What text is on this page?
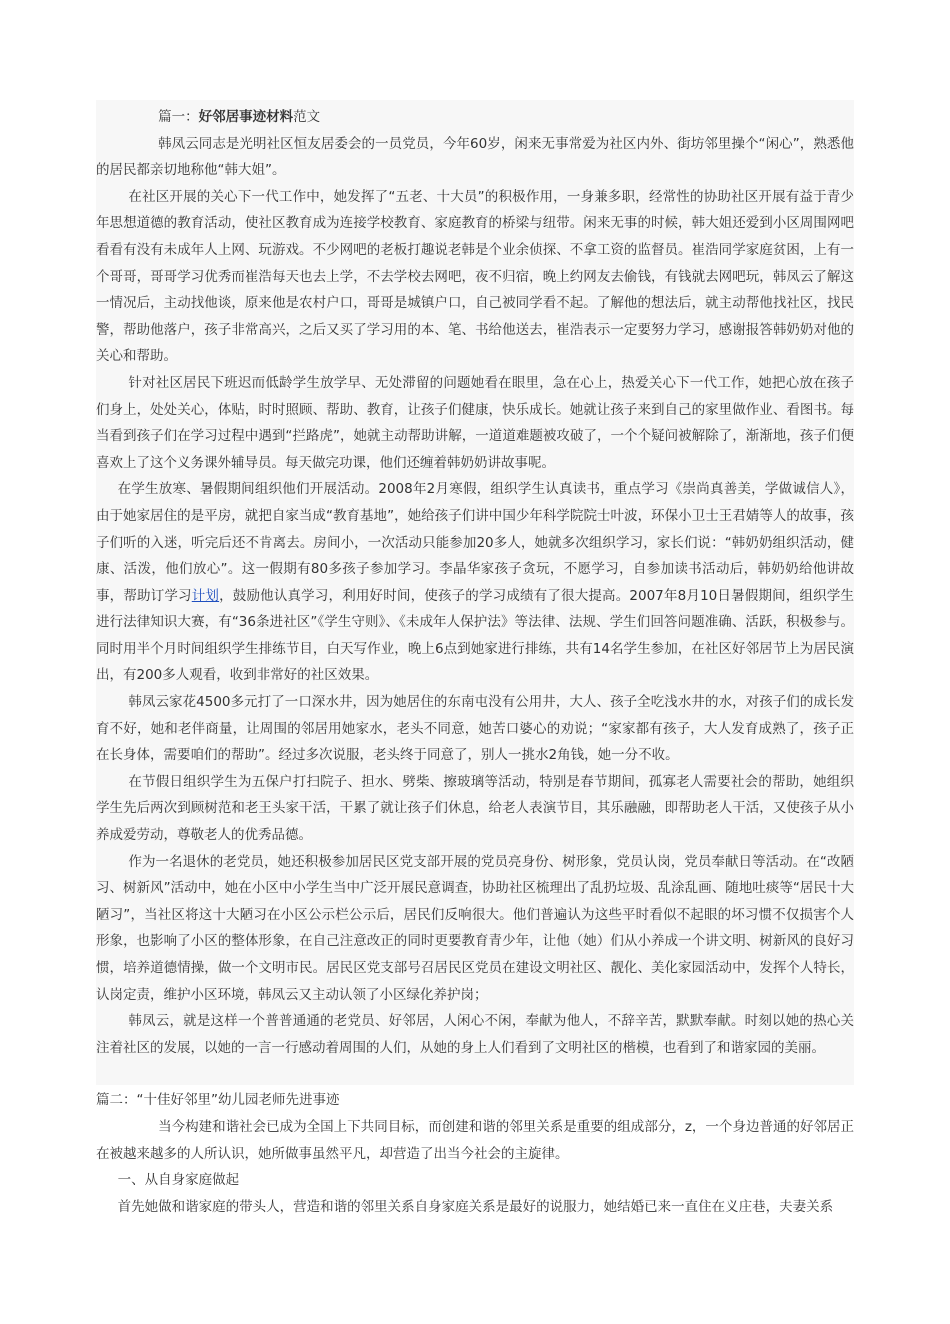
篇一：好邻居事迹材料范文

韩凤云同志是光明社区恒友居委会的一员党员，今年60岁，闲来无事常爱为社区内外、街坊邻里操个“闲心”，熟悉他的居民都亲切地称他“韩大姐”。

在社区开展的关心下一代工作中，她发挥了“五老、十大员”的积极作用，一身兼多职，经常性的协助社区开展有益于青少年思想道德的教育活动，使社区教育成为连接学校教育、家庭教育的桥梁与纽带。闲来无事的时候，韩大姐还爱到小区周围网吧看看有没有未成年人上网、玩游戏。不少网吧的老板打趣说老韩是个业余侦探、不拿工资的监督员。崔浩同学家庭贫困，上有一个哥哥，哥哥学习优秀而崔浩每天也去上学，不去学校去网吧，夜不归宿，晚上约网友去偷钱，有钱就去网吧玩，韩凤云了解这一情况后，主动找他谈，原来他是农村户口，哥哥是城镇户口，自己被同学看不起。了解他的想法后，就主动帮他找社区，找民警，帮助他落户，孩子非常高兴，之后又买了学习用的本、笔、书给他送去，崔浩表示一定要努力学习，感谢报答韩奶奶对他的关心和帮助。

针对社区居民下班迟而低龄学生放学早、无处滞留的问题她看在眼里，急在心上，热爱关心下一代工作，她把心放在孩子们身上，处处关心，体贴，时时照顾、帮助、教育，让孩子们健康，快乐成长。她就让孩子来到自己的家里做作业、看图书。每当看到孩子们在学习过程中遇到“拦路虎”，她就主动帮助讲解，一道道难题被攻破了，一个个疑问被解除了，渐渐地，孩子们便喜欢上了这个义务课外辅导员。每天做完功课，他们还缠着韩奶奶讲故事呢。

在学生放寒、暑假期间组织他们开展活动。2008年2月寒假，组织学生认真读书，重点学习《崇尚真善美，学做诚信人》，由于她家居住的是平房，就把自家当成“教育基地”，她给孩子们讲中国少年科学院院士叶波，环保小卫士王君婧等人的故事，孩子们听的入迷，听完后还不肯离去。房间小，一次活动只能参加20多人，她就多次组织学习，家长们说：“韩奶奶组织活动，健康、活泼，他们放心”。这一假期有80多孩子参加学习。李晶华家孩子贪玩，不愿学习，自参加读书活动后，韩奶奶给他讲故事，帮助订学习计划，鼓励他认真学习，利用好时间，使孩子的学习成绩有了很大提高。2007年8月10日暑假期间，组织学生进行法律知识大赛，有“36条进社区”《学生守则》、《未成年人保护法》等法律、法规、学生们回答问题准确、活跃，积极参与。同时用半个月时间组织学生排练节目，白天写作业，晚上6点到她家进行排练，共有14名学生参加，在社区好邻居节上为居民演出，有200多人观看，收到非常好的社区效果。

韩凤云家花4500多元打了一口深水井，因为她居住的东南屯没有公用井，大人、孩子全吃浅水井的水，对孩子们的成长发育不好，她和老伴商量，让周围的邻居用她家水，老头不同意，她苦口婆心的劝说；“家家都有孩子，大人发育成熟了，孩子正在长身体，需要咱们的帮助”。经过多次说服，老头终于同意了，别人一挑水2角钱，她一分不收。

在节假日组织学生为五保户打扫院子、担水、劈柴、擦玻璃等活动，特别是春节期间，孤寡老人需要社会的帮助，她组织学生先后两次到顾树范和老王头家干活，干累了就让孩子们休息，给老人表演节目，其乐融融，即帮助老人干活，又使孩子从小养成爱劳动，尊敬老人的优秀品德。

作为一名退休的老党员，她还积极参加居民区党支部开展的党员亮身份、树形象，党员认岗，党员奉献日等活动。在“改陋习、树新风”活动中，她在小区中小学生当中广泛开展民意调查，协助社区梳理出了乱扔垃圾、乱涂乱画、随地吐痰等“居民十大陋习”，当社区将这十大陋习在小区公示栏公示后，居民们反响很大。他们普遍认为这些平时看似不起眼的坏习惯不仅损害个人形象，也影响了小区的整体形象，在自己注意改正的同时更要教育青少年，让他（她）们从小养成一个讲文明、树新风的良好习惯，培养道德情操，做一个文明市民。居民区党支部号召居民区党员在建设文明社区、靓化、美化家园活动中，发挥个人特长，认岗定责，维护小区环境，韩凤云又主动认领了小区绿化养护岗；

韩凤云，就是这样一个普普通通的老党员、好邻居，人闲心不闲，奉献为他人，不辞辛苦，默默奉献。时刻以她的热心关注着社区的发展，以她的一言一行感动着周围的人们，从她的身上人们看到了文明社区的楷模，也看到了和谐家园的美丽。

篇二：“十佳好邻里”幼儿园老师先进事迹

当今构建和谐社会已成为全国上下共同目标，而创建和谐的邻里关系是重要的组成部分，z，一个身边普通的好邻居正在被越来越多的人所认识，她所做事虽然平凡，却营造了出当今社会的主旋律。

一、从自身家庭做起

首先她做和谐家庭的带头人，营造和谐的邻里关系自身家庭关系是最好的说服力，她结婚已来一直住在义庄巷，夫妻关系
